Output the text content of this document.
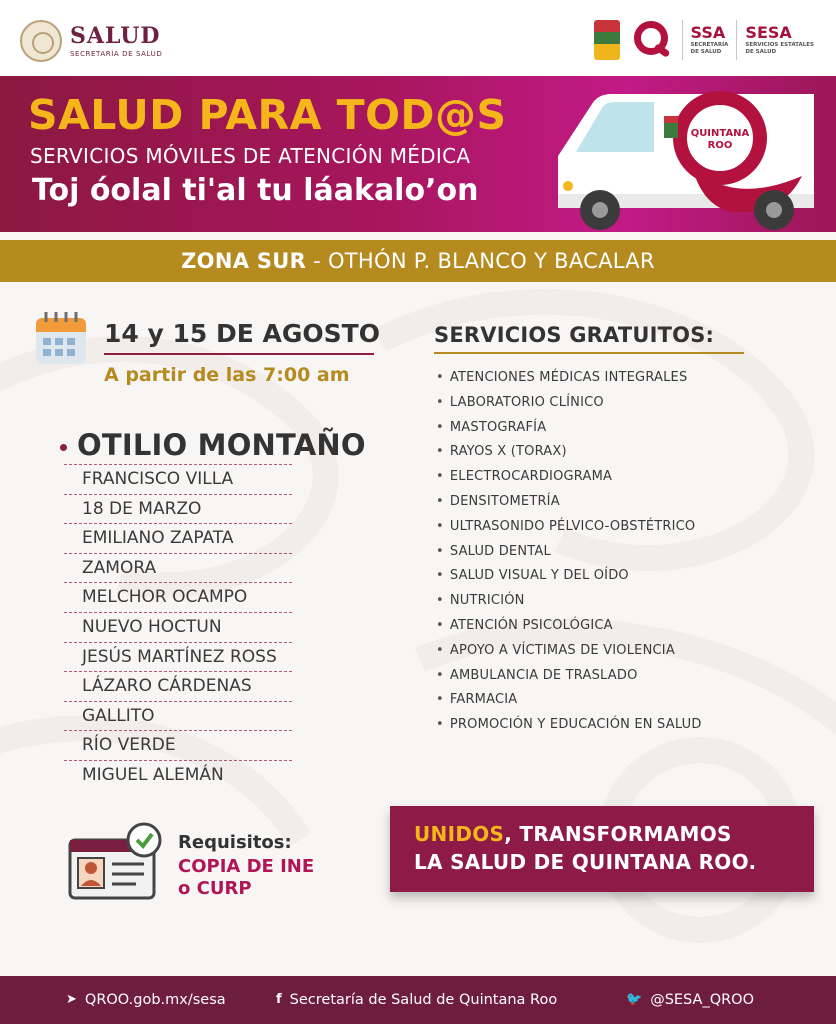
SALUD
SECRETARÍA DE SALUD
SSA
SECRETARÍA
DE SALUD
SESA
SERVICIOS ESTATALES
DE SALUD
SALUD PARA TOD@S
SERVICIOS MÓVILES DE ATENCIÓN MÉDICA
Toj óolal ti'al tu láakalo’on
QUINTANA
ROO
ZONA SUR - OTHÓN P. BLANCO Y BACALAR
14 y 15 DE AGOSTO
A partir de las 7:00 am
OTILIO MONTAÑO
FRANCISCO VILLA
18 DE MARZO
EMILIANO ZAPATA
ZAMORA
MELCHOR OCAMPO
NUEVO HOCTUN
JESÚS MARTÍNEZ ROSS
LÁZARO CÁRDENAS
GALLITO
RÍO VERDE
MIGUEL ALEMÁN
SERVICIOS GRATUITOS:
• ATENCIONES MÉDICAS INTEGRALES
• LABORATORIO CLÍNICO
• MASTOGRAFÍA
• RAYOS X (TORAX)
• ELECTROCARDIOGRAMA
• DENSITOMETRÍA
• ULTRASONIDO PÉLVICO-OBSTÉTRICO
• SALUD DENTAL
• SALUD VISUAL Y DEL OÍDO
• NUTRICIÓN
• ATENCIÓN PSICOLÓGICA
• APOYO A VÍCTIMAS DE VIOLENCIA
• AMBULANCIA DE TRASLADO
• FARMACIA
• PROMOCIÓN Y EDUCACIÓN EN SALUD
Requisitos:
COPIA DE INE
o CURP
UNIDOS, TRANSFORMAMOS
LA SALUD DE QUINTANA ROO.
➤ QROO.gob.mx/sesa	f Secretaría de Salud de Quintana Roo	🐦 @SESA_QROO
